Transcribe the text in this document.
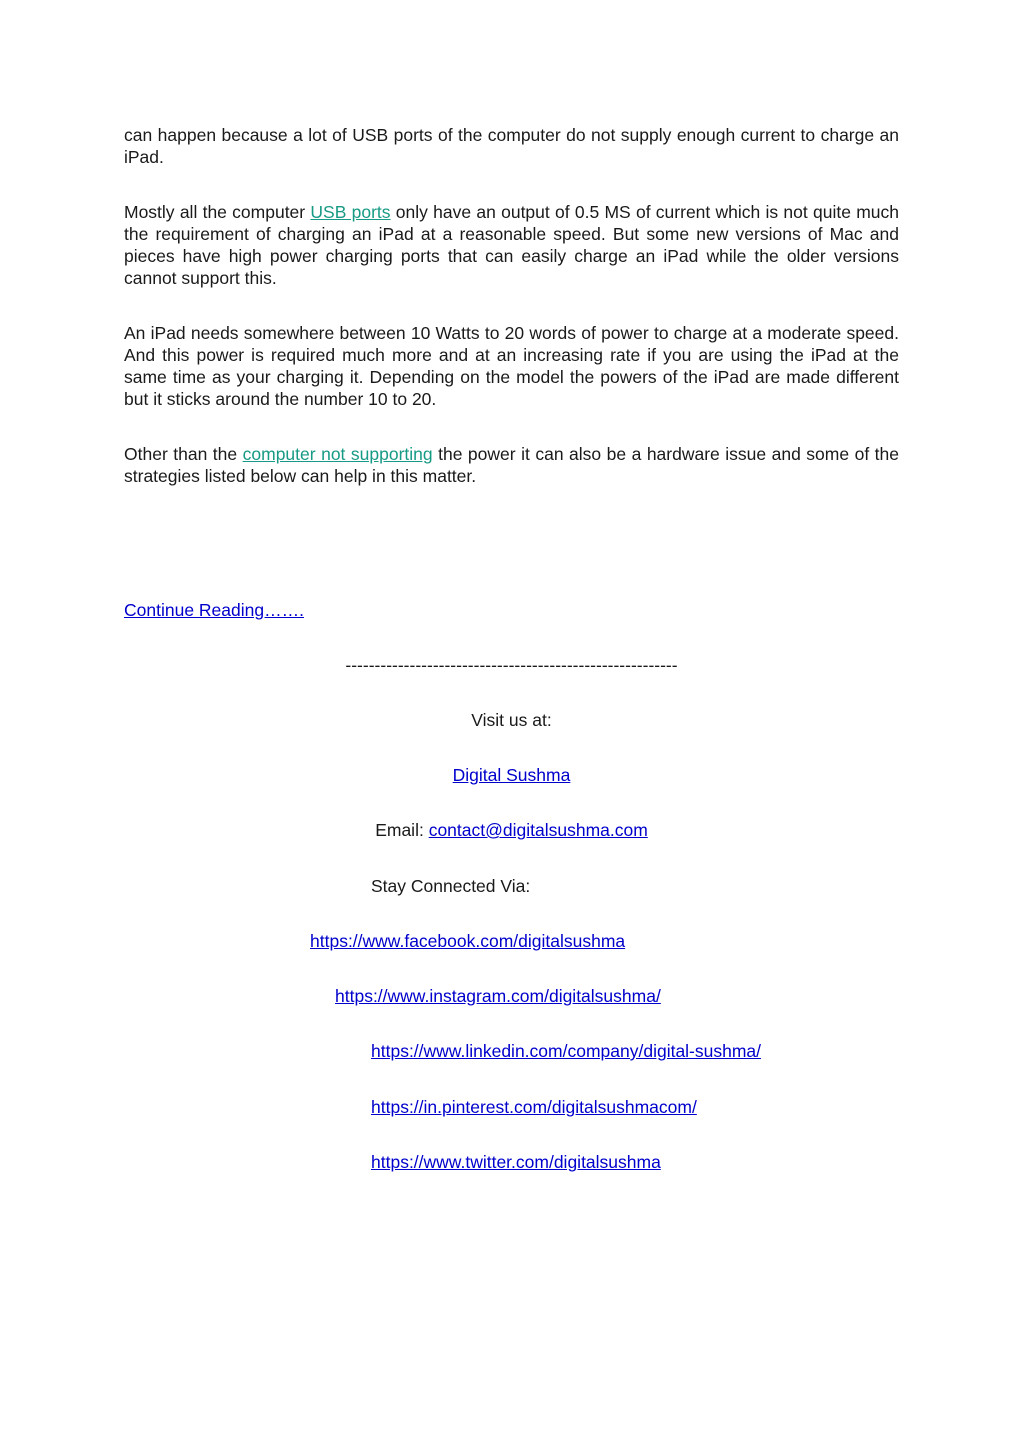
can happen because a lot of USB ports of the computer do not supply enough current to charge an iPad.

Mostly all the computer USB ports only have an output of 0.5 MS of current which is not quite much the requirement of charging an iPad at a reasonable speed. But some new versions of Mac and pieces have high power charging ports that can easily charge an iPad while the older versions cannot support this.

An iPad needs somewhere between 10 Watts to 20 words of power to charge at a moderate speed. And this power is required much more and at an increasing rate if you are using the iPad at the same time as your charging it. Depending on the model the powers of the iPad are made different but it sticks around the number 10 to 20.

Other than the computer not supporting the power it can also be a hardware issue and some of the strategies listed below can help in this matter.

Continue Reading…….
---------------------------------------------------------
Visit us at:
Digital Sushma
Email: contact@digitalsushma.com
Stay Connected Via:
https://www.facebook.com/digitalsushma
https://www.instagram.com/digitalsushma/
https://www.linkedin.com/company/digital-sushma/
https://in.pinterest.com/digitalsushmacom/
https://www.twitter.com/digitalsushma
